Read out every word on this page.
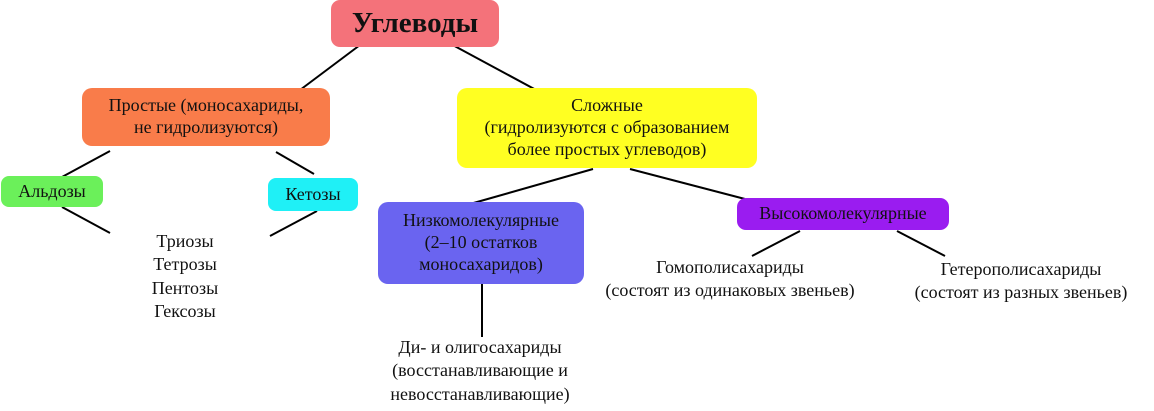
Углеводы
Простые (моносахариды,
не гидролизуются)
Сложные
(гидролизуются с образованием
более простых углеводов)
Альдозы	Кетозы
Триозы
Тетрозы
Пентозы
Гексозы
Низкомолекулярные
(2–10 остатков
моносахаридов)
Высокомолекулярные
Ди- и олигосахариды
(восстанавливающие и
невосстанавливающие)
Гомополисахариды
(состоят из одинаковых звеньев)
Гетерополисахариды
(состоят из разных звеньев)
